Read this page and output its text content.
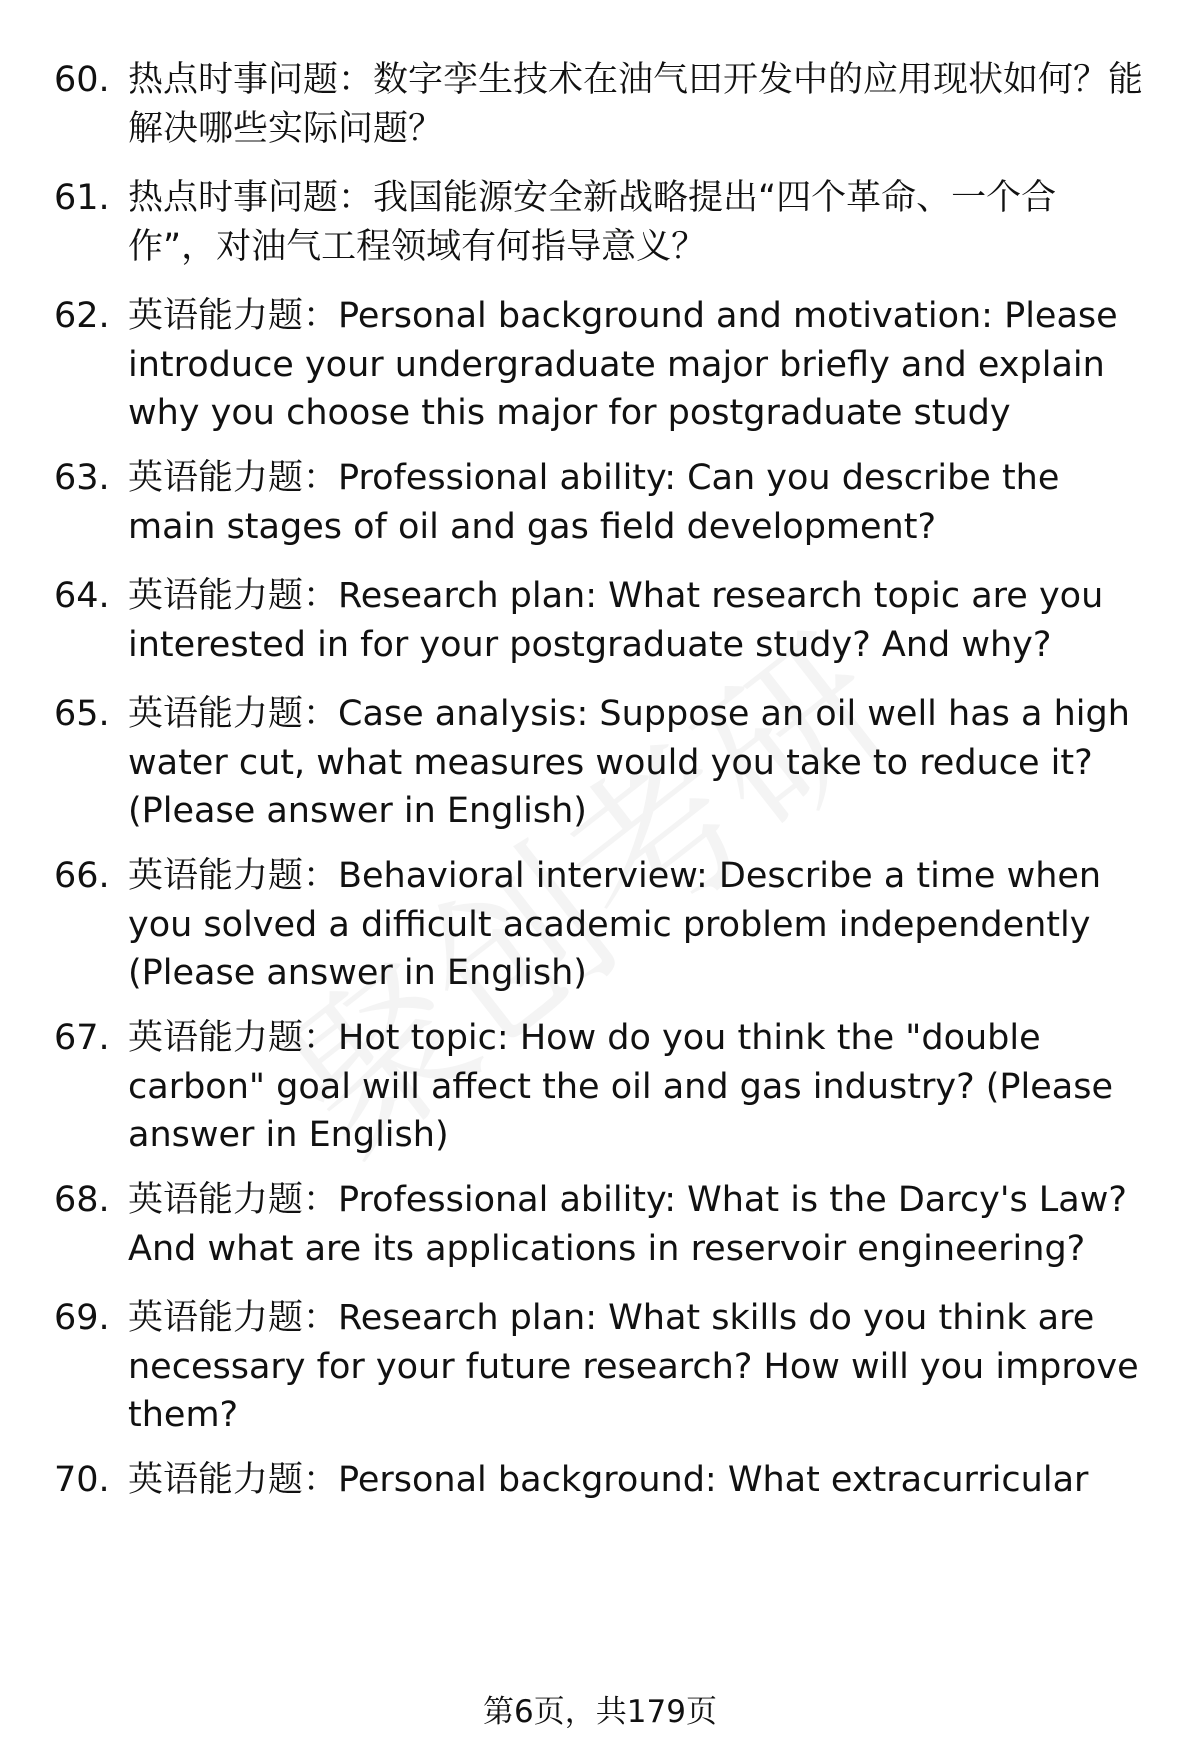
60. 热点时事问题：数字孪生技术在油气田开发中的应用现状如何？能解决哪些实际问题？
61. 热点时事问题：我国能源安全新战略提出“四个革命、一个合作”，对油气工程领域有何指导意义？
62. 英语能力题：Personal background and motivation: Please introduce your undergraduate major briefly and explain why you choose this major for postgraduate study
63. 英语能力题：Professional ability: Can you describe the main stages of oil and gas field development?
64. 英语能力题：Research plan: What research topic are you interested in for your postgraduate study? And why?
65. 英语能力题：Case analysis: Suppose an oil well has a high water cut, what measures would you take to reduce it? (Please answer in English)
66. 英语能力题：Behavioral interview: Describe a time when you solved a difficult academic problem independently (Please answer in English)
67. 英语能力题：Hot topic: How do you think the "double carbon" goal will affect the oil and gas industry? (Please answer in English)
68. 英语能力题：Professional ability: What is the Darcy's Law? And what are its applications in reservoir engineering?
69. 英语能力题：Research plan: What skills do you think are necessary for your future research? How will you improve them?
70. 英语能力题：Personal background: What extracurricular
第6页，共179页
